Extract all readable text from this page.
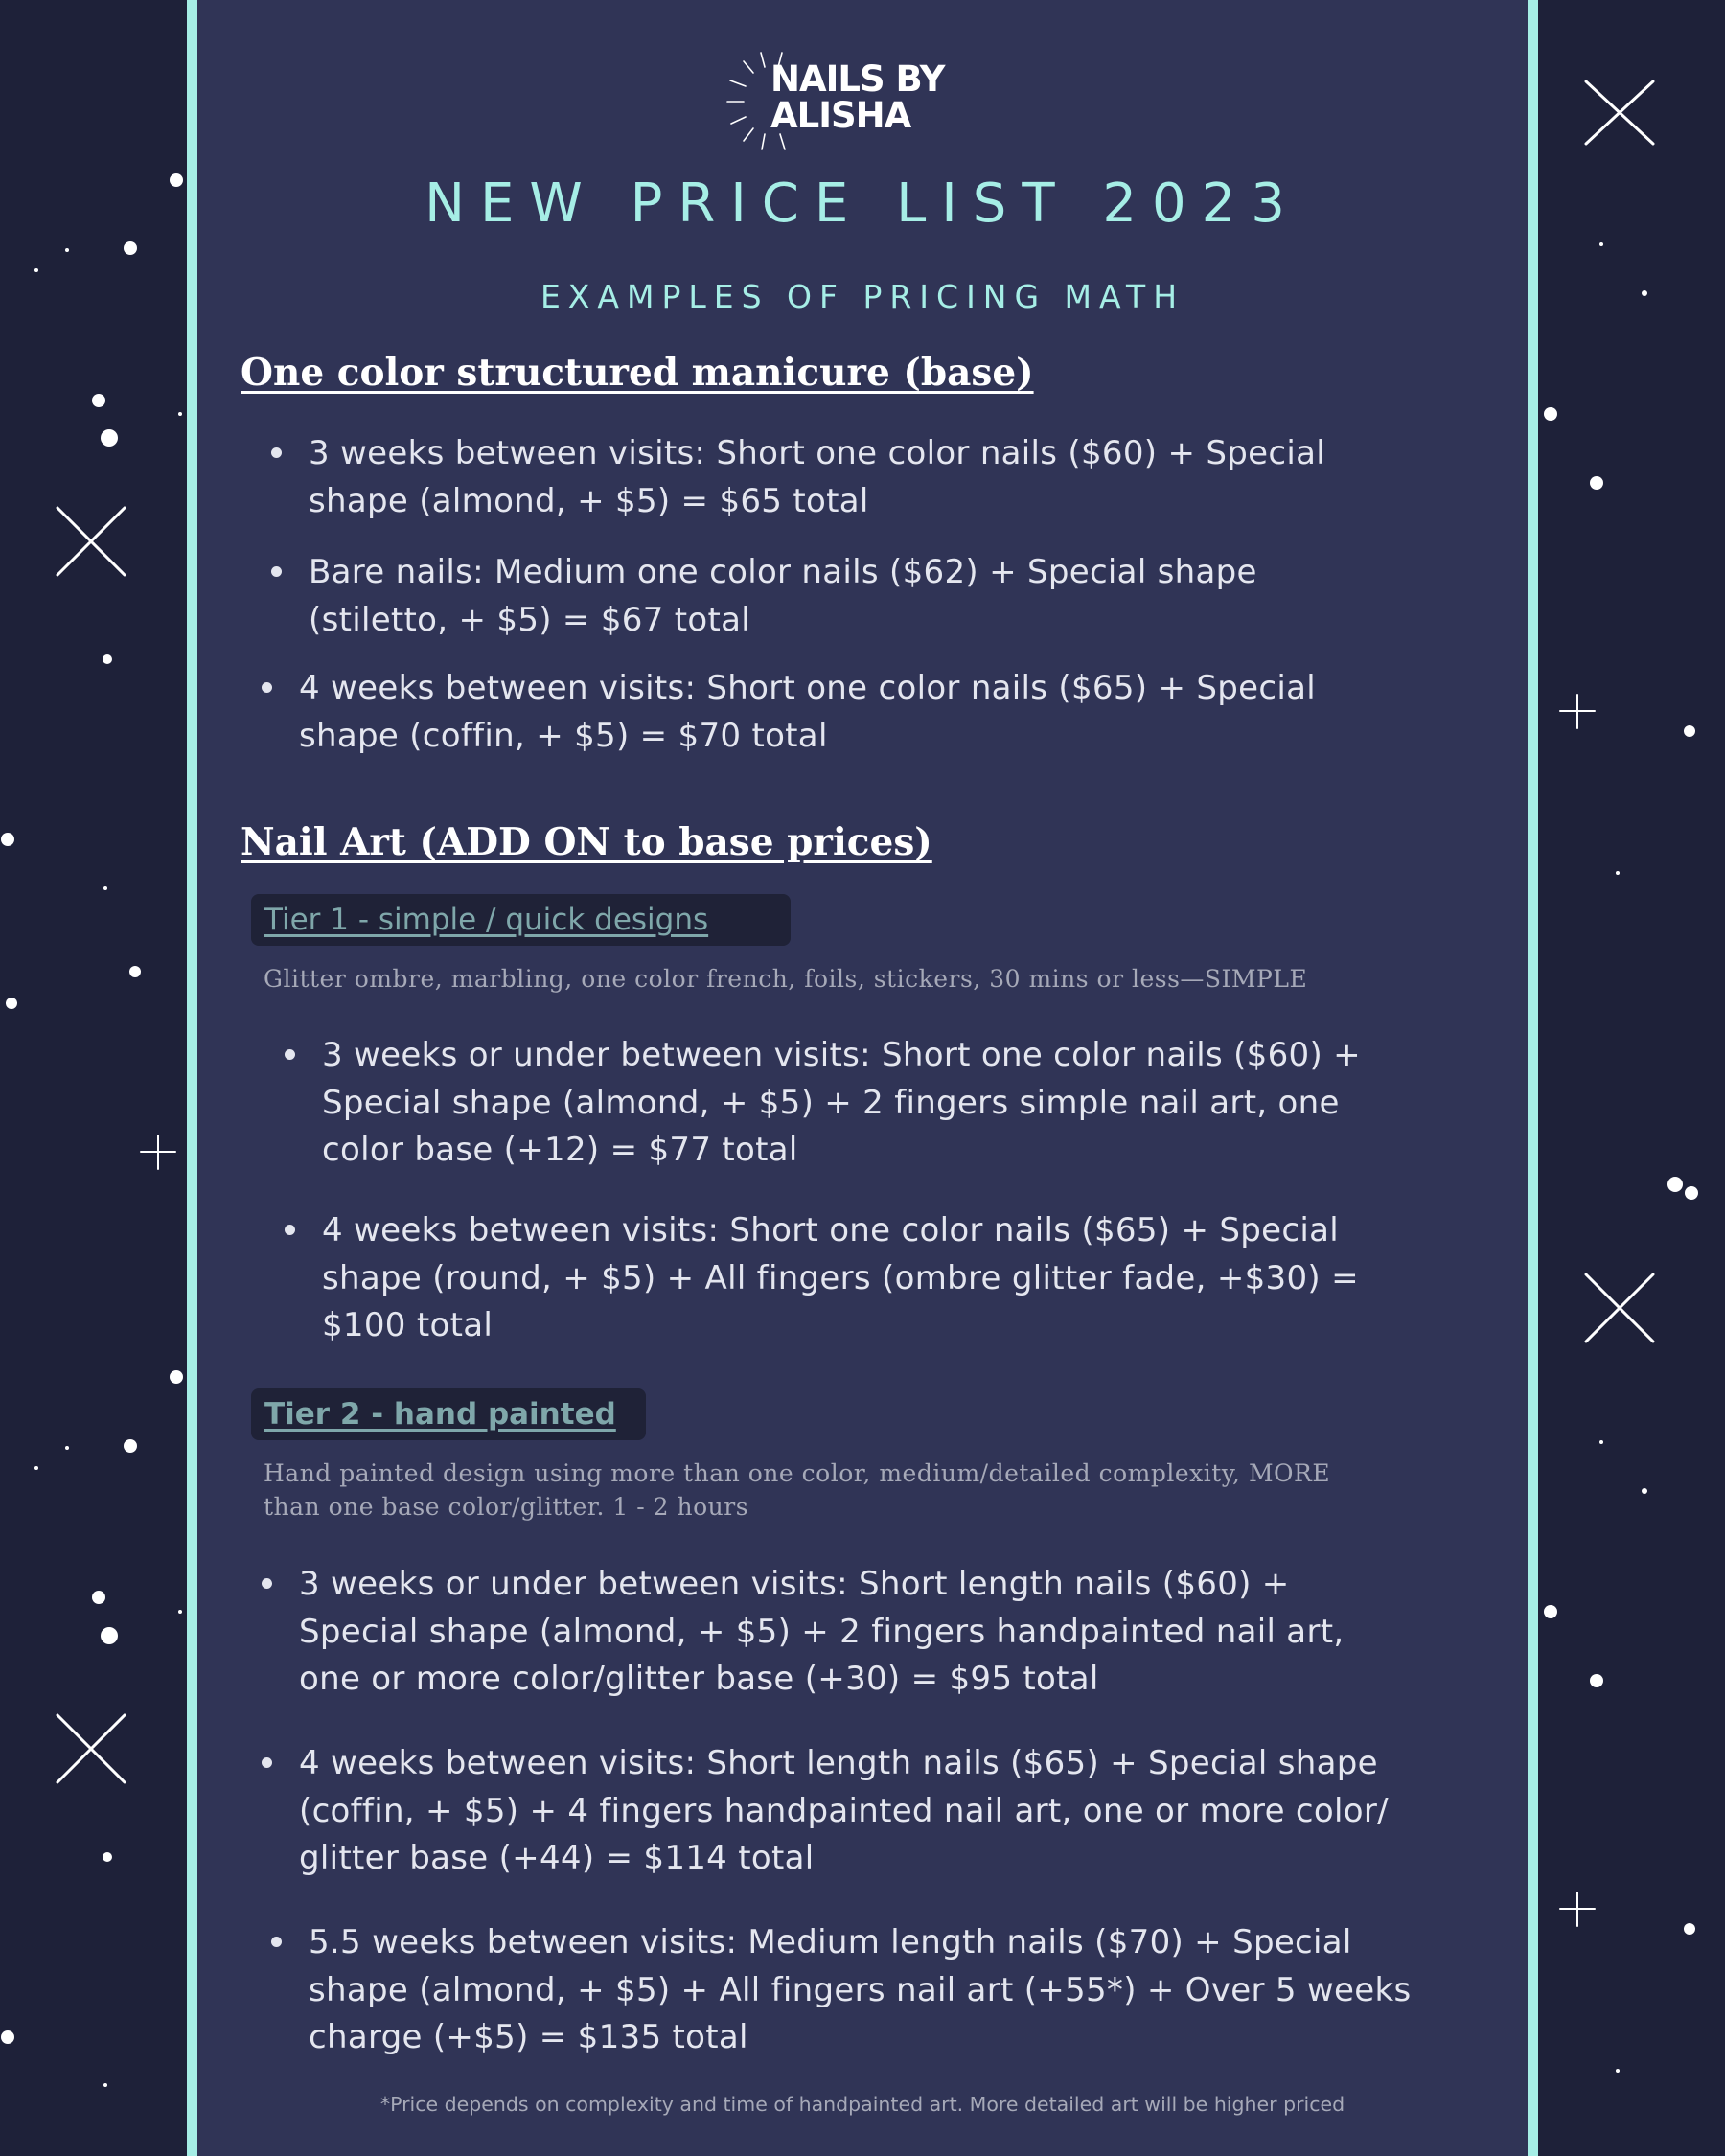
NAILS BY
ALISHA
NEW PRICE LIST 2023
EXAMPLES OF PRICING MATH
One color structured manicure (base)
3 weeks between visits: Short one color nails ($60) + Special
shape (almond, + $5) = $65 total
Bare nails: Medium one color nails ($62) + Special shape
(stiletto, + $5) = $67 total
4 weeks between visits: Short one color nails ($65) + Special
shape (coffin, + $5) = $70 total
Nail Art (ADD ON to base prices)
Tier 1 - simple / quick designs
Glitter ombre, marbling, one color french, foils, stickers, 30 mins or less—SIMPLE
3 weeks or under between visits: Short one color nails ($60) +
Special shape (almond, + $5) + 2 fingers simple nail art, one
color base (+12) = $77 total
4 weeks between visits: Short one color nails ($65) + Special
shape (round, + $5) + All fingers (ombre glitter fade, +$30) =
$100 total
Tier 2 - hand painted
Hand painted design using more than one color, medium/detailed complexity, MORE
than one base color/glitter. 1 - 2 hours
3 weeks or under between visits: Short length nails ($60) +
Special shape (almond, + $5) + 2 fingers handpainted nail art,
one or more color/glitter base (+30) = $95 total
4 weeks between visits: Short length nails ($65) + Special shape
(coffin, + $5) + 4 fingers handpainted nail art, one or more color/
glitter base (+44) = $114 total
5.5 weeks between visits: Medium length nails ($70) + Special
shape (almond, + $5) + All fingers nail art (+55*) + Over 5 weeks
charge (+$5) = $135 total
*Price depends on complexity and time of handpainted art. More detailed art will be higher priced
